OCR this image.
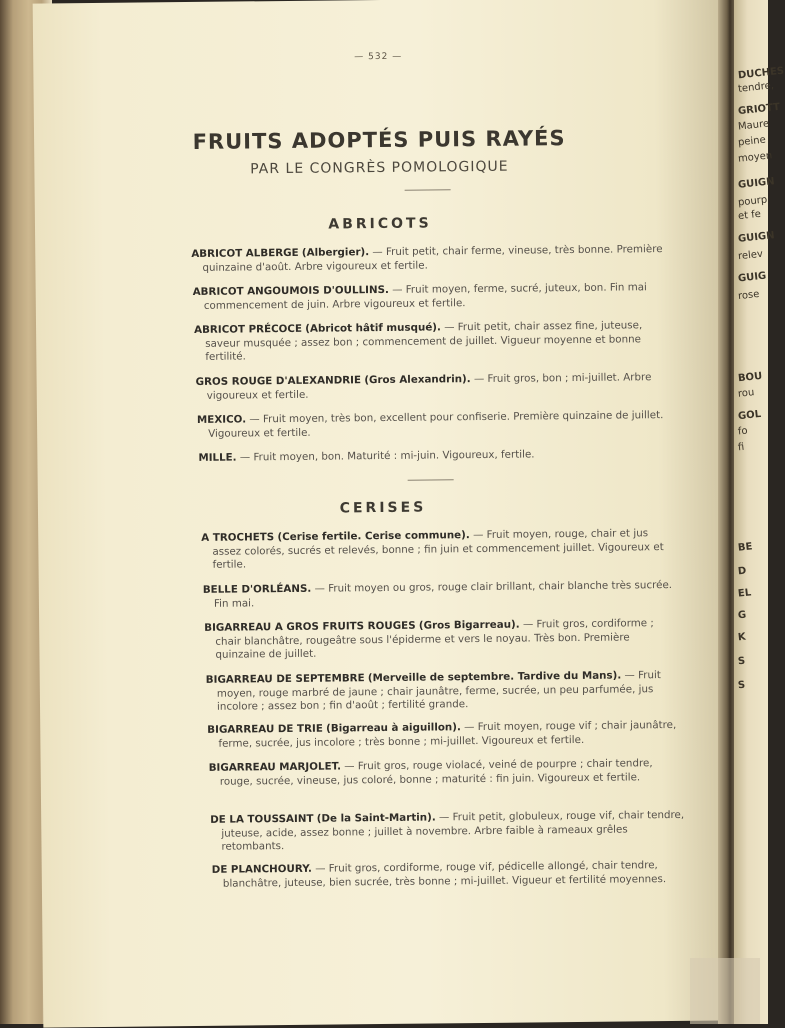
— 532 —
FRUITS ADOPTÉS PUIS RAYÉS
PAR LE CONGRÈS POMOLOGIQUE
ABRICOTS
ABRICOT ALBERGE (Albergier). — Fruit petit, chair ferme, vineuse, très bonne. Première quinzaine d'août. Arbre vigoureux et fertile.
ABRICOT ANGOUMOIS D'OULLINS. — Fruit moyen, ferme, sucré, juteux, bon. Fin mai commencement de juin. Arbre vigoureux et fertile.
ABRICOT PRÉCOCE (Abricot hâtif musqué). — Fruit petit, chair assez fine, juteuse, saveur musquée ; assez bon ; commencement de juillet. Vigueur moyenne et bonne fertilité.
GROS ROUGE D'ALEXANDRIE (Gros Alexandrin). — Fruit gros, bon ; mi-juillet. Arbre vigoureux et fertile.
MEXICO. — Fruit moyen, très bon, excellent pour confiserie. Première quinzaine de juillet. Vigoureux et fertile.
MILLE. — Fruit moyen, bon. Maturité : mi-juin. Vigoureux, fertile.
CERISES
A TROCHETS (Cerise fertile. Cerise commune). — Fruit moyen, rouge, chair et jus assez colorés, sucrés et relevés, bonne ; fin juin et commencement juillet. Vigoureux et fertile.
BELLE D'ORLÉANS. — Fruit moyen ou gros, rouge clair brillant, chair blanche très sucrée. Fin mai.
BIGARREAU A GROS FRUITS ROUGES (Gros Bigarreau). — Fruit gros, cordiforme ; chair blanchâtre, rougeâtre sous l'épiderme et vers le noyau. Très bon. Première quinzaine de juillet.
BIGARREAU DE SEPTEMBRE (Merveille de septembre. Tardive du Mans). — Fruit moyen, rouge marbré de jaune ; chair jaunâtre, ferme, sucrée, un peu parfumée, jus incolore ; assez bon ; fin d'août ; fertilité grande.
BIGARREAU DE TRIE (Bigarreau à aiguillon). — Fruit moyen, rouge vif ; chair jaunâtre, ferme, sucrée, jus incolore ; très bonne ; mi-juillet. Vigoureux et fertile.
BIGARREAU MARJOLET. — Fruit gros, rouge violacé, veiné de pourpre ; chair tendre, rouge, sucrée, vineuse, jus coloré, bonne ; maturité : fin juin. Vigoureux et fertile.
DE LA TOUSSAINT (De la Saint-Martin). — Fruit petit, globuleux, rouge vif, chair tendre, juteuse, acide, assez bonne ; juillet à novembre. Arbre faible à rameaux grêles retombants.
DE PLANCHOURY. — Fruit gros, cordiforme, rouge vif, pédicelle allongé, chair tendre, blanchâtre, juteuse, bien sucrée, très bonne ; mi-juillet. Vigueur et fertilité moyennes.
DUCHES
tendre,
GRIOTT
Maure
peine
moyen
GUIGN
pourp
et fe
GUIGN
relev
GUIG
rose
BOU
rou
GOL
fo
fi
BE
D
EL
G
K
S
S
